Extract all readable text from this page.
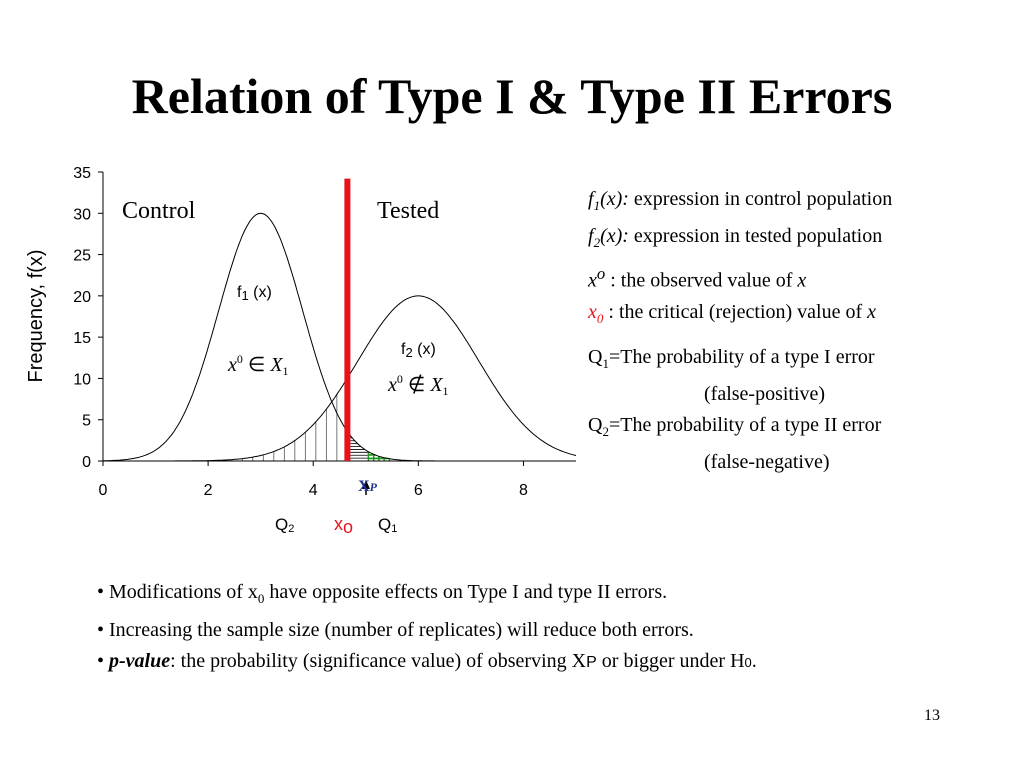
Relation of Type I & Type II Errors
0
5
10
15
20
25
30
35
0	2	4	6	8
Frequency, f(x)
Control	Tested
f1 (x)
f2 (x)
$x^0$ ∈ $X_1$
$x^0$ ∉ $X_1$
XP
Q2 xo Q1
$f_1(x)$: expression in control population
$f_2(x)$: expression in tested population
$x^o$ : the observed value of x
$x_0$ : the critical (rejection) value of x
$Q_1=The$ probability of a type I error
(false-positive)
$Q_2=The$ probability of a type II error
(false-negative)
• Modifications of $x_0$ have opposite effects on Type I and type II errors.
• Increasing the sample size (number of replicates) will reduce both errors.
• p-value: the probability (significance value) of observing XP or bigger under H0.
13
